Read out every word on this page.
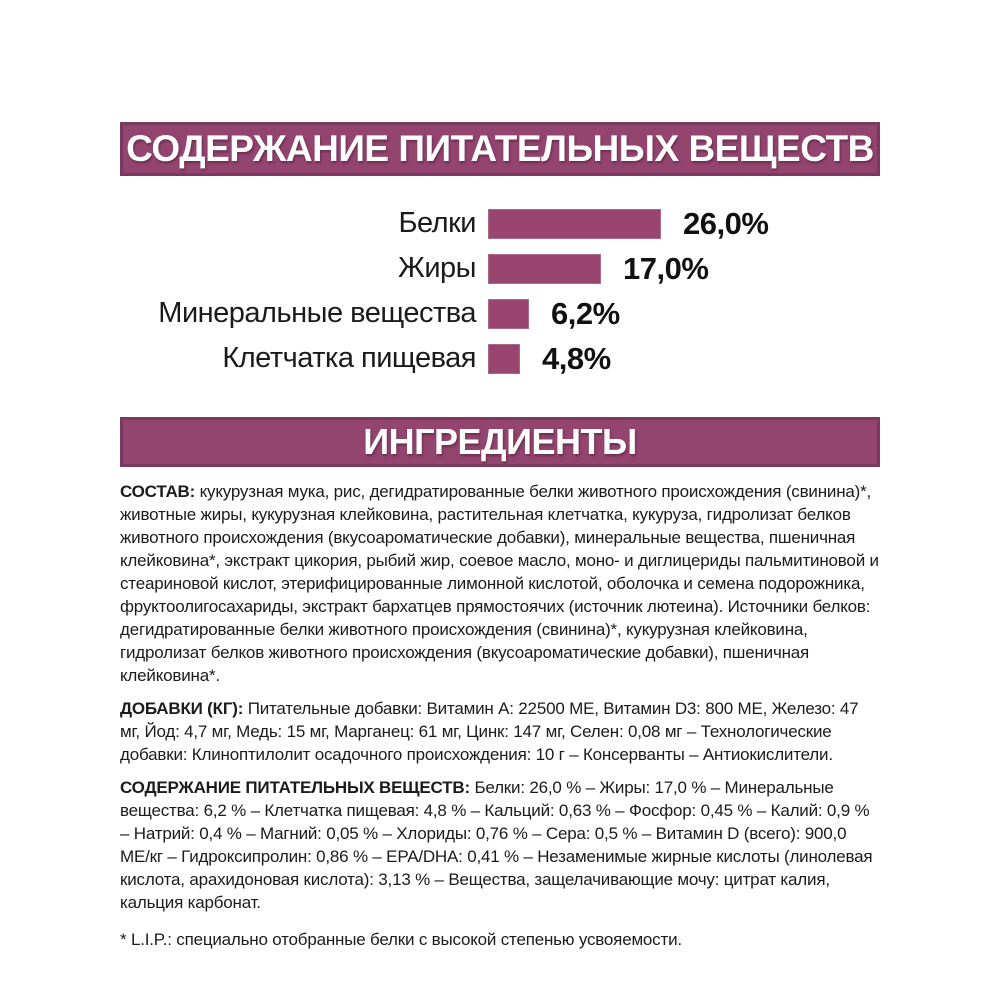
СОДЕРЖАНИЕ ПИТАТЕЛЬНЫХ ВЕЩЕСТВ
Белки	26,0%
Жиры	17,0%
Минеральные вещества	6,2%
Клетчатка пищевая	4,8%
ИНГРЕДИЕНТЫ

СОСТАВ: кукурузная мука, рис, дегидратированные белки животного происхождения (свинина)*, животные жиры, кукурузная клейковина, растительная клетчатка, кукуруза, гидролизат белков животного происхождения (вкусоароматические добавки), минеральные вещества, пшеничная клейковина*, экстракт цикория, рыбий жир, соевое масло, моно- и диглицериды пальмитиновой и стеариновой кислот, этерифицированные лимонной кислотой, оболочка и семена подорожника, фруктоолигосахариды, экстракт бархатцев прямостоячих (источник лютеина). Источники белков: дегидратированные белки животного происхождения (свинина)*, кукурузная клейковина, гидролизат белков животного происхождения (вкусоароматические добавки), пшеничная клейковина*.

ДОБАВКИ (КГ): Питательные добавки: Витамин A: 22500 МЕ, Витамин D3: 800 МЕ, Железо: 47 мг, Йод: 4,7 мг, Медь: 15 мг, Марганец: 61 мг, Цинк: 147 мг, Селен: 0,08 мг – Технологические добавки: Клиноптилолит осадочного происхождения: 10 г – Консерванты – Антиокислители.

СОДЕРЖАНИЕ ПИТАТЕЛЬНЫХ ВЕЩЕСТВ: Белки: 26,0 % – Жиры: 17,0 % – Минеральные вещества: 6,2 % – Клетчатка пищевая: 4,8 % – Кальций: 0,63 % – Фосфор: 0,45 % – Калий: 0,9 % – Натрий: 0,4 % – Магний: 0,05 % – Хлориды: 0,76 % – Сера: 0,5 % – Витамин D (всего): 900,0 МЕ/кг – Гидроксипролин: 0,86 % – EPA/DHA: 0,41 % – Незаменимые жирные кислоты (линолевая кислота, арахидоновая кислота): 3,13 % – Вещества, защелачивающие мочу: цитрат калия, кальция карбонат.

* L.I.P.: специально отобранные белки с высокой степенью усвояемости.
